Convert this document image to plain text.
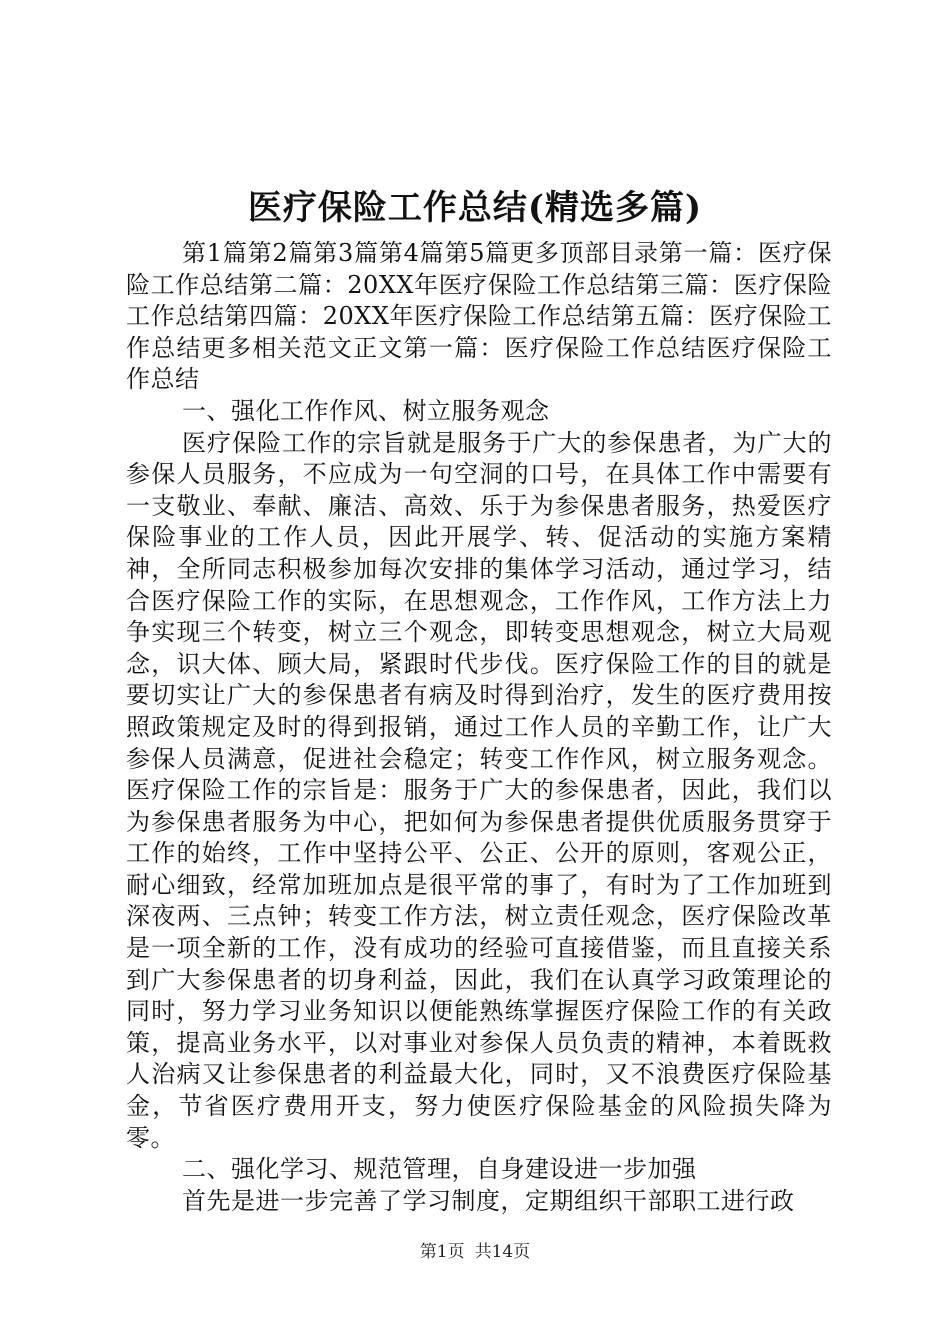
医疗保险工作总结(精选多篇)

第1篇第2篇第3篇第4篇第5篇更多顶部目录第一篇：医疗保险工作总结第二篇：20XX年医疗保险工作总结第三篇：医疗保险工作总结第四篇：20XX年医疗保险工作总结第五篇：医疗保险工作总结更多相关范文正文第一篇：医疗保险工作总结医疗保险工作总结

一、强化工作作风、树立服务观念

医疗保险工作的宗旨就是服务于广大的参保患者，为广大的参保人员服务，不应成为一句空洞的口号，在具体工作中需要有一支敬业、奉献、廉洁、高效、乐于为参保患者服务，热爱医疗保险事业的工作人员，因此开展学、转、促活动的实施方案精神，全所同志积极参加每次安排的集体学习活动，通过学习，结合医疗保险工作的实际，在思想观念，工作作风，工作方法上力争实现三个转变，树立三个观念，即转变思想观念，树立大局观念，识大体、顾大局，紧跟时代步伐。医疗保险工作的目的就是要切实让广大的参保患者有病及时得到治疗，发生的医疗费用按照政策规定及时的得到报销，通过工作人员的辛勤工作，让广大参保人员满意，促进社会稳定；转变工作作风，树立服务观念。医疗保险工作的宗旨是：服务于广大的参保患者，因此，我们以为参保患者服务为中心，把如何为参保患者提供优质服务贯穿于工作的始终，工作中坚持公平、公正、公开的原则，客观公正，耐心细致，经常加班加点是很平常的事了，有时为了工作加班到深夜两、三点钟；转变工作方法，树立责任观念，医疗保险改革是一项全新的工作，没有成功的经验可直接借鉴，而且直接关系到广大参保患者的切身利益，因此，我们在认真学习政策理论的同时，努力学习业务知识以便能熟练掌握医疗保险工作的有关政策，提高业务水平，以对事业对参保人员负责的精神，本着既救人治病又让参保患者的利益最大化，同时，又不浪费医疗保险基金，节省医疗费用开支，努力使医疗保险基金的风险损失降为零。

二、强化学习、规范管理，自身建设进一步加强

首先是进一步完善了学习制度，定期组织干部职工进行政

第1页 共14页
